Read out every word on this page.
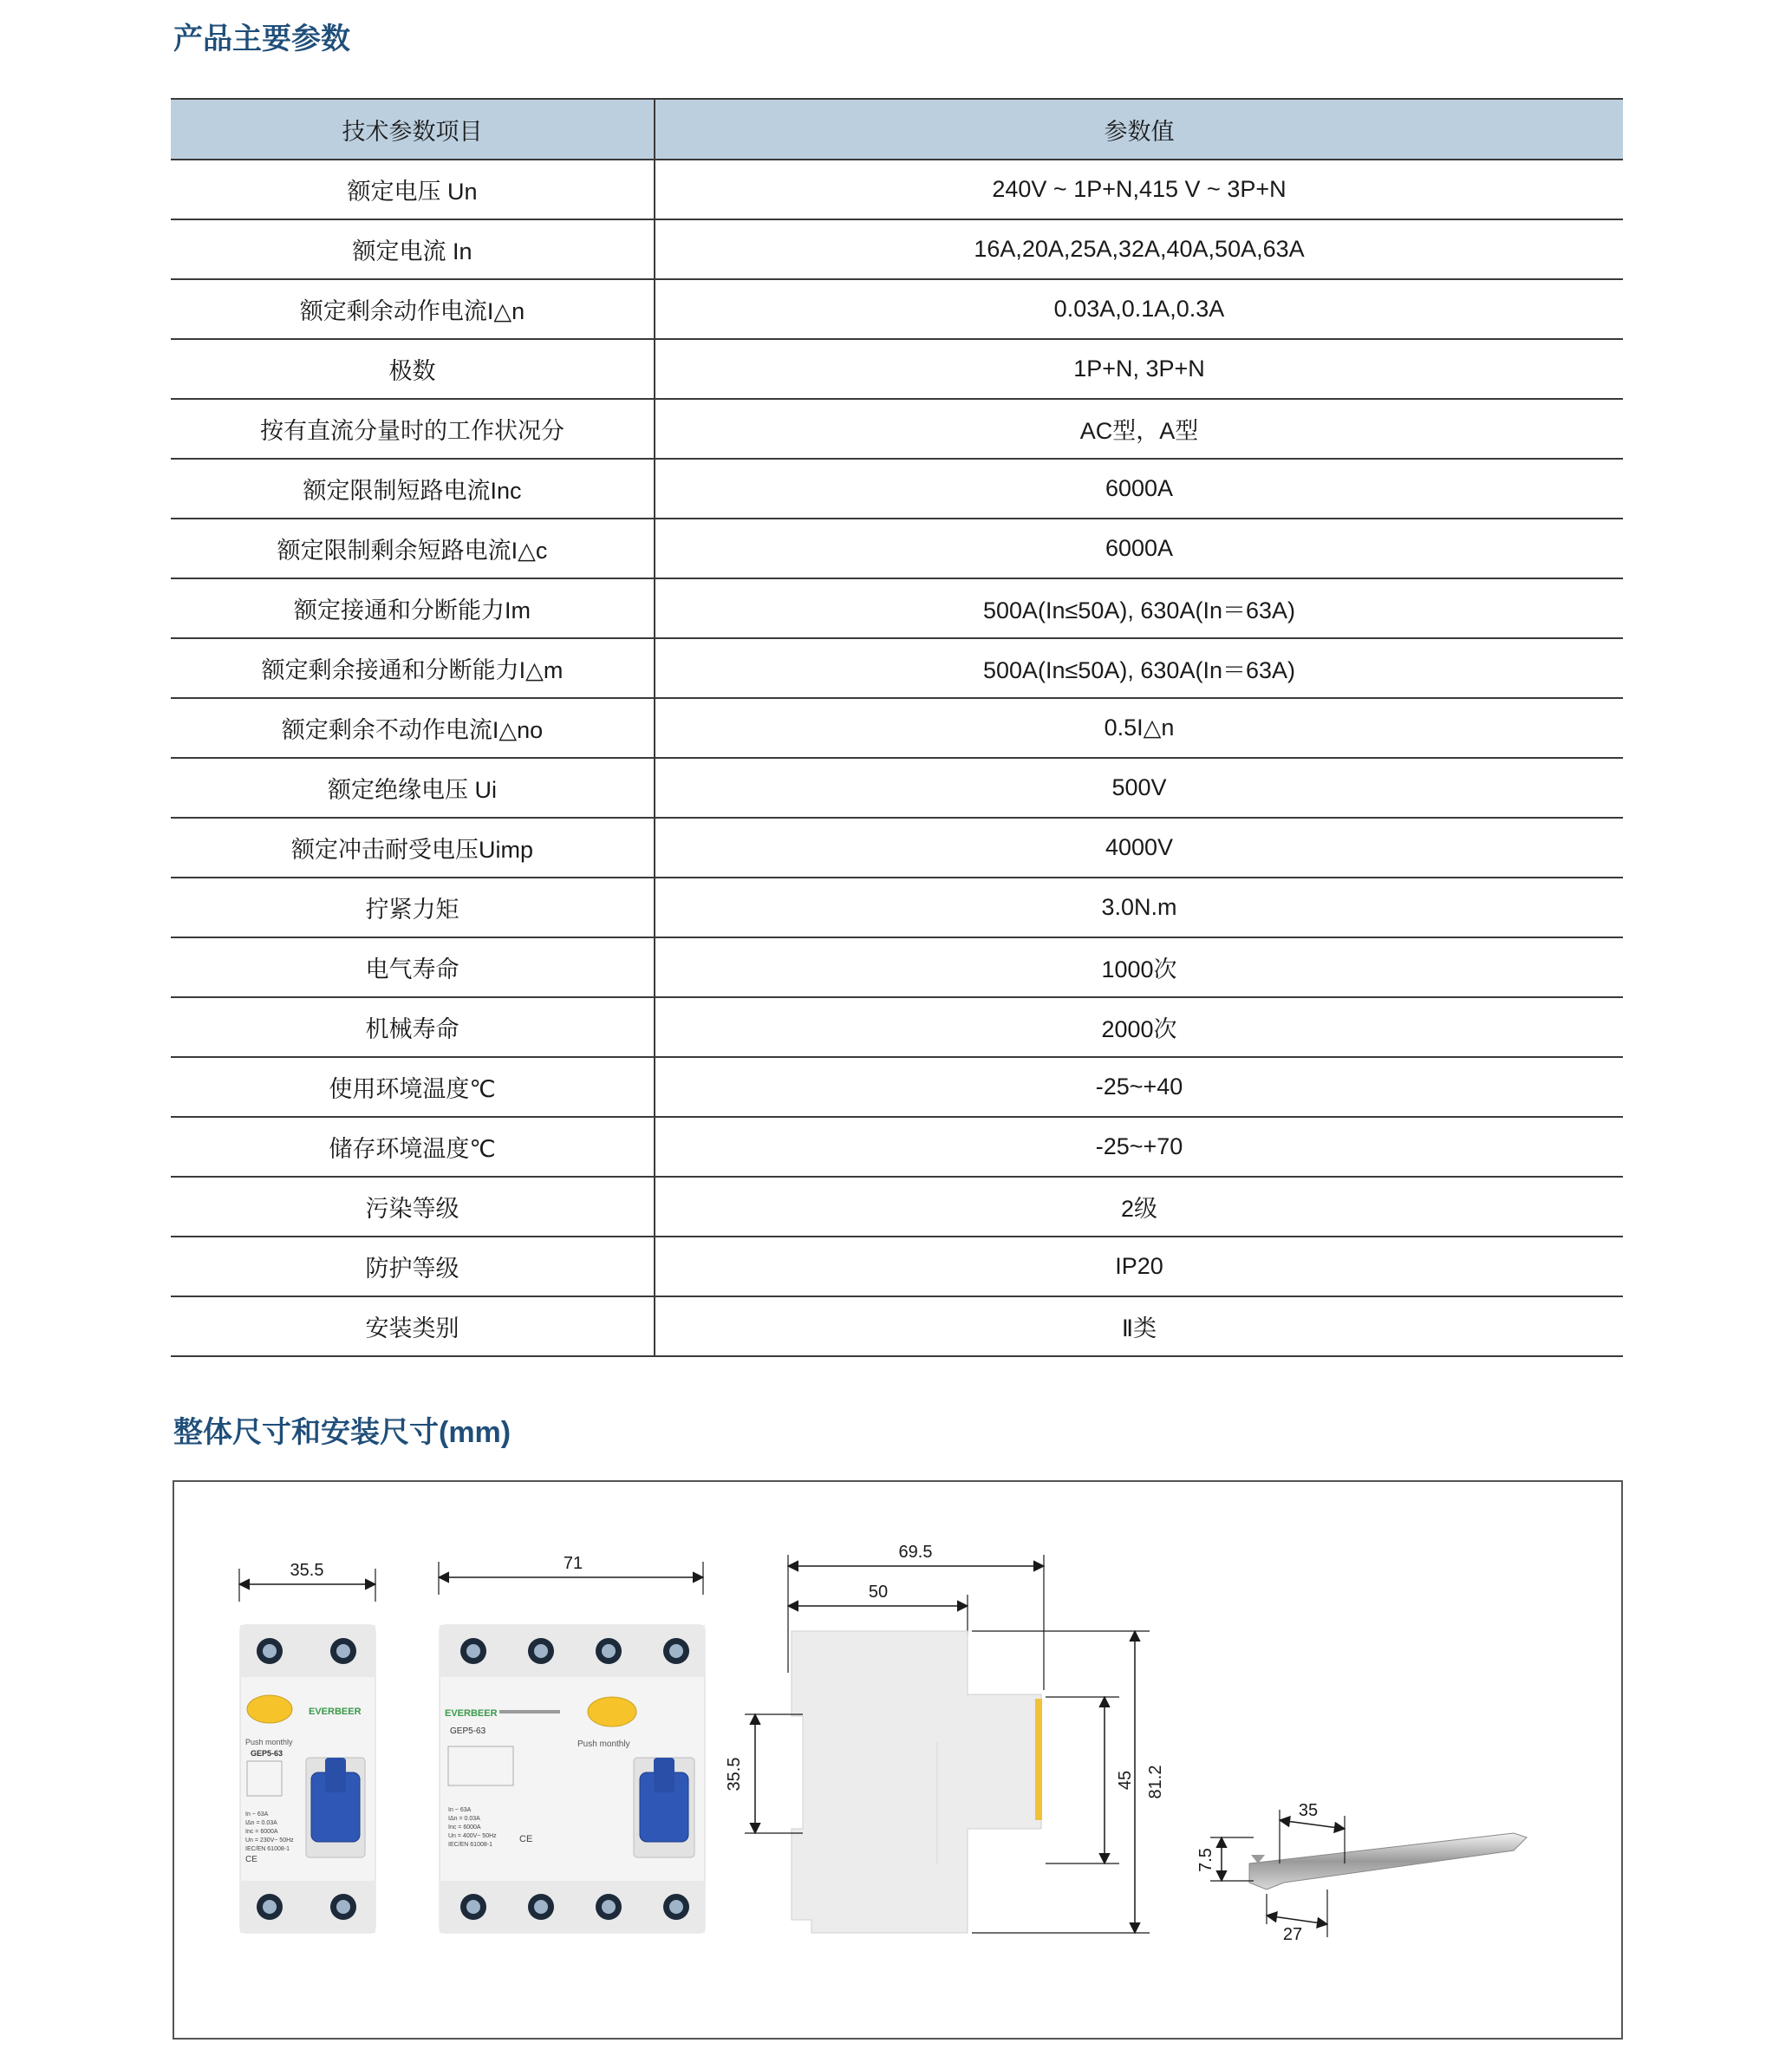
产品主要参数
技术参数项目	参数值
额定电压 Un	240V ~ 1P+N,415 V ~ 3P+N
额定电流 In	16A,20A,25A,32A,40A,50A,63A
额定剩余动作电流I△n	0.03A,0.1A,0.3A
极数	1P+N, 3P+N
按有直流分量时的工作状况分	AC型，A型
额定限制短路电流Inc	6000A
额定限制剩余短路电流I△c	6000A
额定接通和分断能力Im	500A(In≤50A), 630A(In＝63A)
额定剩余接通和分断能力I△m	500A(In≤50A), 630A(In＝63A)
额定剩余不动作电流I△no	0.5I△n
额定绝缘电压 Ui	500V
额定冲击耐受电压Uimp	4000V
拧紧力矩	3.0N.m
电气寿命	1000次
机械寿命	2000次
使用环境温度℃	-25~+40
储存环境温度℃	-25~+70
污染等级	2级
防护等级	IP20
安装类别	Ⅱ类
整体尺寸和安装尺寸(mm)
35.5
EVERBEER
Push monthly
GEP5-63
In ~ 63A
IΔn = 0.03A
Inc = 6000A
Un = 230V~ 50Hz
IEC/EN 61008-1
CE
71
EVERBEER
GEP5-63
Push monthly
In ~ 63A
IΔn = 0.03A
Inc = 6000A
Un = 400V~ 50Hz
IEC/EN 61008-1
CE
69.5
50
35.5	45 81.2
35
7.5
27
